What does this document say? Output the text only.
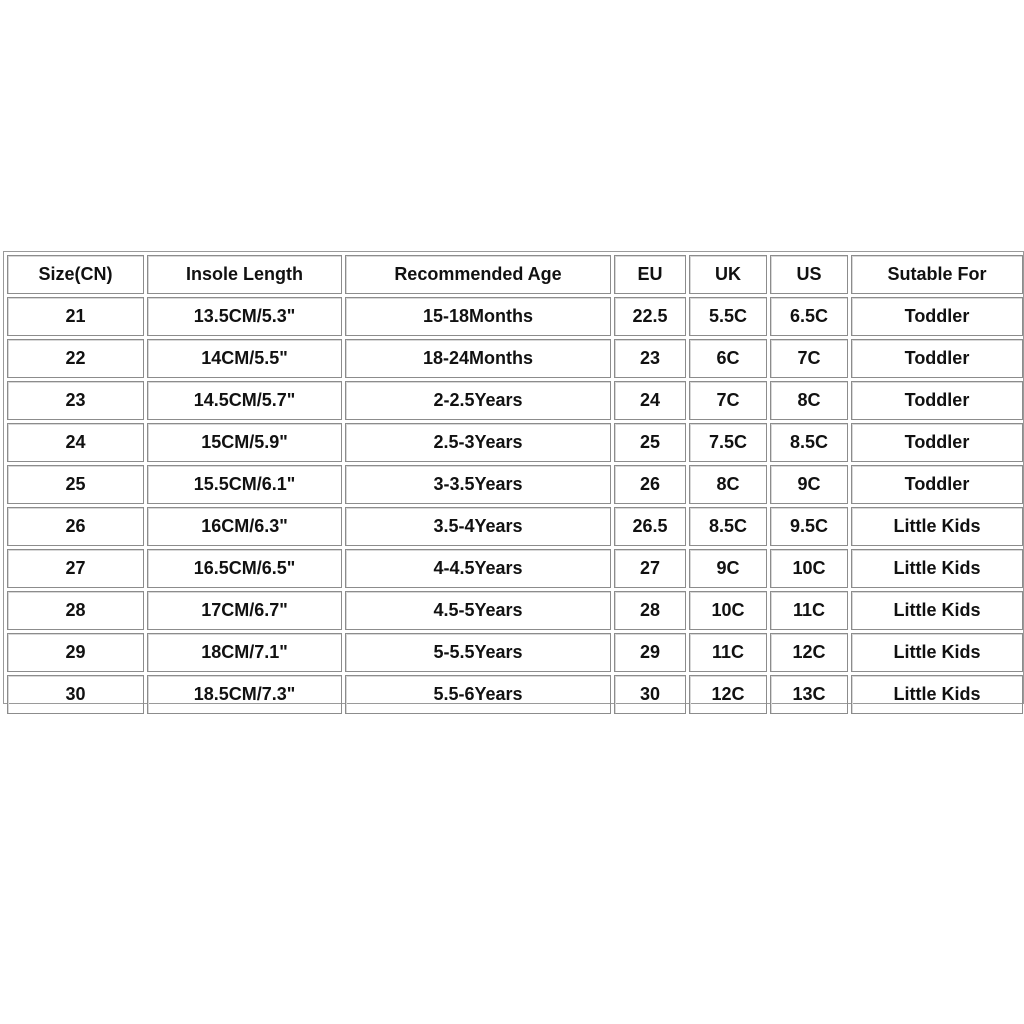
Size(CN)	Insole Length	Recommended Age	EU	UK	US	Sutable For
21	13.5CM/5.3"	15-18Months	22.5	5.5C	6.5C	Toddler
22	14CM/5.5"	18-24Months	23	6C	7C	Toddler
23	14.5CM/5.7"	2-2.5Years	24	7C	8C	Toddler
24	15CM/5.9"	2.5-3Years	25	7.5C	8.5C	Toddler
25	15.5CM/6.1"	3-3.5Years	26	8C	9C	Toddler
26	16CM/6.3"	3.5-4Years	26.5	8.5C	9.5C	Little Kids
27	16.5CM/6.5"	4-4.5Years	27	9C	10C	Little Kids
28	17CM/6.7"	4.5-5Years	28	10C	11C	Little Kids
29	18CM/7.1"	5-5.5Years	29	11C	12C	Little Kids
30	18.5CM/7.3"	5.5-6Years	30	12C	13C	Little Kids
